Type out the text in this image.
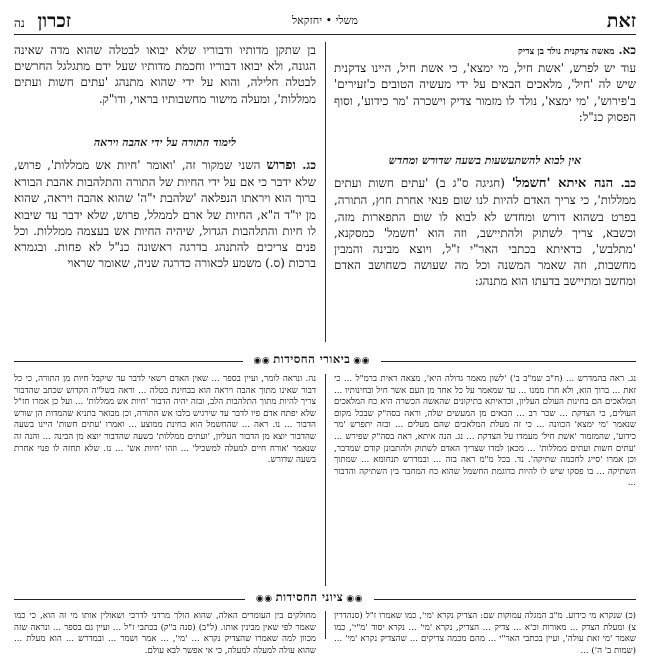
זאת
משלי • יחזקאל
זכרון נה

כא. מאשה צדקנית נולד בן צדיק
עוד יש לפרש, 'אשת חיל, מי ימצא', כי אשת חיל, היינו צדקנית שיש לה 'חיל', מלאכים הבאים על ידי מעשיה הטובים כ'זעירים' ב'פירוש', 'מי ימצא', נולד לו מזמור צדיק וישכרה 'מר כידוע', וסוף הפסוק כנ"ל:

אין לבוא להשתעשעות בשעה שדורש ומחדש

כב. הנה איתא 'חשמל' (חגיגה ס"ג ב) 'עתים חשות ועתים ממללות', כי צריך האדם להיות לנו שום פנאי אחרת חוץ, התורה, בפרט בשהוא דורש ומחדש לא לבוא לו שום התפארות מזה, וכשבא, צריך לשתוק ולהתיישב, וזה הוא 'חשמל' כמסקנא, 'מתלבש', כדאיתא בכתבי האר"י ז"ל, ויוצא מבינה והמבין מחשבות, וזה שאמר המשנה וכל מה שעושה כשחושב האדם ומחשב ומתיישב בדעתו הוא מתנהג:

בן שתקן מדותיו ודבוריו שלא יבואו לבטלה שהוא מדה שאינה הגונה, ולא יבואו דבוריו וחכמת מדותיו שעל ידם מתגלגל החרשים לבטלה חלילה, והוא על ידי שהוא מתנהג 'עתים חשות ועתים ממללות', ומעלה מישור מחשבותיו בראוי, ודו"ק.

לימוד התורה על ידי אהבה ויראה

כג. ופרוש השני שמקור זה, 'ואומר 'חיות אש ממללות', פרוש, שלא ידבר כי אם על ידי החיות של התורה והתלהבות אהבת הבורא ברוך הוא ויראתו הנפלאה 'שלהבת י"ה' שהוא אהבה ויראה, שהוא מן יו"ד ה"א, החיות של ארם לממלל, פרוש, שלא ידבר עד שיבוא לו חיות והתלהבות הגדול, שיהיה החיות אש בעצמה ממללות. וכל פנים צריכים להתנהג בדרגה ראשונה כנ"ל לא פחות. ובגמרא ברכות (ס.) משמע לכאורה כדרגה שניה, שאומר שראוי

◉◉ביאורי החסידות◉◉
נג. ראה בהמדרש ... (ח"ב שמ"ב ב') 'לשון מאמר גדולה היא', מצאה דאית ברמ"ל ... כי זאת ... ברוך הוא, ולא חרז ממנו ... עד שמאמר על כל אחד מן העם אשר חיל ובחינותיו ... המלאכים הם בחינות העולם העליון, וכדאיתא בתיקונים שהאשה הכשרה היא כח המלאכים העולים, כי הצדקת ... שכר רב ... הבאים מן המעשים שלה, וראה בסה"ק שבכל מקום שנאמר 'מי ימצא' הכוונה ... כי זה מעלת המלאכים שהם מעלים ... ובזה יתפרש 'מר כידוע', שהמזמור 'אשת חיל' מעמדו על הצדקת ... נג. הנה איתא, ראה בסה"ק שפירש ... 'עתים חשות ועתים ממללות' ... מכאן למדו שצריך האדם לשתוק ולהתבונן קודם שמדבר, וכן אמרו 'סייג לחכמה שתיקה'. נד. בכל מ"מ ראה בזה ... ובמדרש תנחומא ... שמתוך השתיקה ... בו פסקו שיש לו להיות כדוגמת החשמל שהוא כח המחבר בין השתיקה והדבור ...
נה. ונראה לומר, ועיין בספר ... שאין האדם רשאי לדבר עד שיקבל חיות מן התורה, כי כל דבור שאינו מתוך אהבה ויראה הוא בבחינת בטלה ... וראה בשל"ה הקדוש שכתב שהדבור צריך להיות מתוך התלהבות הלב, ובזה יהיה הדבור 'חיות אש ממללות' ... ועל כן אמרו חז"ל שלא יפתח אדם פיו לדבר עד שירגיש בלבו אש התורה, וכן מבואר בתניא שהמדות הן שורש הדבור ... נו. ראה ... שהחשמל הוא בחינת ממוצע ... ואמרו 'עתים חשות' היינו בשעה שהדבור יוצא מן הדבור העליון, 'ועתים ממללות' בשעה שהדבור יוצא מן הבינה ... והנה זה שנאמר 'אורח חיים למעלה למשכיל' ... וזהו 'חיות אש' ... נז. שלא תחזה לו פנוי אחרת בשעה שדורש.
◉◉ציוני החסידות◉◉
(כ) שנקרא מי כידוע. מ"ב המגלה עמוקות שם: הצדיק נקרא 'מי', כמו שאמרו ז"ל (סנהדרין צ) ומעלת הצדק ... מאורות וכ'א ... צדיק ... הצדיק, נקרא 'מי' ... נקרא יסוד 'מ"י', כמו שאמר 'מי זאת עולה', ועיין בכתבי האר"י ... מהם מכמה צדיקים ... שהצדיק נקרא 'מי' ... (שמות ב' ה') ...
מחולקים בין העומרים האלה, שהוא הולך מרדני לדרכי ושאולין אותו מי זה הוא, כי כמו שאמר לפי שאין מבינין אותו. (ל"ב) (סנה ב"ק) בכתבי ז"ל ... ועיין גם בספר ... ונראה שזה מכוון למה שאמרו שהצדיק נקרא ... 'מי', ... אמר ושמר ... ובמדרש ... הוא מעלת ... שהוא עולה למעלה למעלה, כי אי אפשר לבא עולם.
